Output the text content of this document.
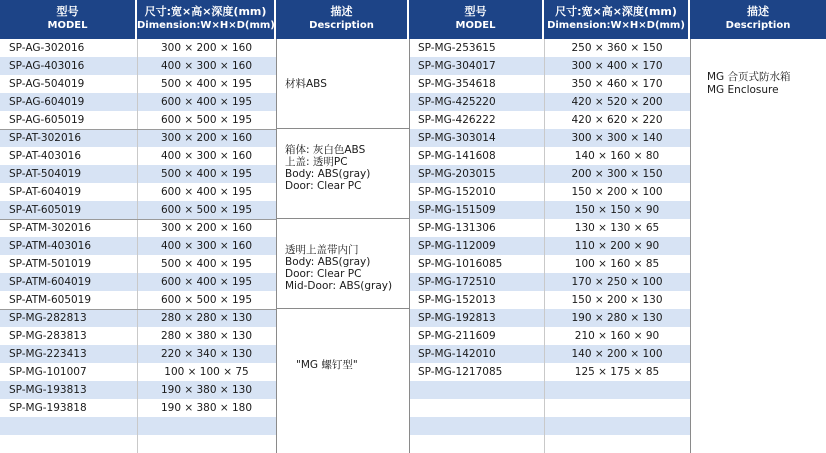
型号
MODEL
尺寸:宽×高×深度(mm)
Dimension:W×H×D(mm)
描述
Description
型号
MODEL
尺寸:宽×高×深度(mm)
Dimension:W×H×D(mm)
描述
Description
SP-AG-302016
SP-AG-403016
SP-AG-504019
SP-AG-604019
SP-AG-605019
SP-AT-302016
SP-AT-403016
SP-AT-504019
SP-AT-604019
SP-AT-605019
SP-ATM-302016
SP-ATM-403016
SP-ATM-501019
SP-ATM-604019
SP-ATM-605019
SP-MG-282813
SP-MG-283813
SP-MG-223413
SP-MG-101007
SP-MG-193813
SP-MG-193818
300 × 200 × 160
400 × 300 × 160
500 × 400 × 195
600 × 400 × 195
600 × 500 × 195
300 × 200 × 160
400 × 300 × 160
500 × 400 × 195
600 × 400 × 195
600 × 500 × 195
300 × 200 × 160
400 × 300 × 160
500 × 400 × 195
600 × 400 × 195
600 × 500 × 195
280 × 280 × 130
280 × 380 × 130
220 × 340 × 130
100 × 100 × 75
190 × 380 × 130
190 × 380 × 180
材料ABS
箱体: 灰白色ABS
上盖: 透明PC
Body: ABS(gray)
Door: Clear PC
透明上盖带内门
Body: ABS(gray)
Door: Clear PC
Mid-Door: ABS(gray)
"MG 螺钉型"
SP-MG-253615
SP-MG-304017
SP-MG-354618
SP-MG-425220
SP-MG-426222
SP-MG-303014
SP-MG-141608
SP-MG-203015
SP-MG-152010
SP-MG-151509
SP-MG-131306
SP-MG-112009
SP-MG-1016085
SP-MG-172510
SP-MG-152013
SP-MG-192813
SP-MG-211609
SP-MG-142010
SP-MG-1217085
250 × 360 × 150
300 × 400 × 170
350 × 460 × 170
420 × 520 × 200
420 × 620 × 220
300 × 300 × 140
140 × 160 × 80
200 × 300 × 150
150 × 200 × 100
150 × 150 × 90
130 × 130 × 65
110 × 200 × 90
100 × 160 × 85
170 × 250 × 100
150 × 200 × 130
190 × 280 × 130
210 × 160 × 90
140 × 200 × 100
125 × 175 × 85
MG 合页式防水箱
MG Enclosure
